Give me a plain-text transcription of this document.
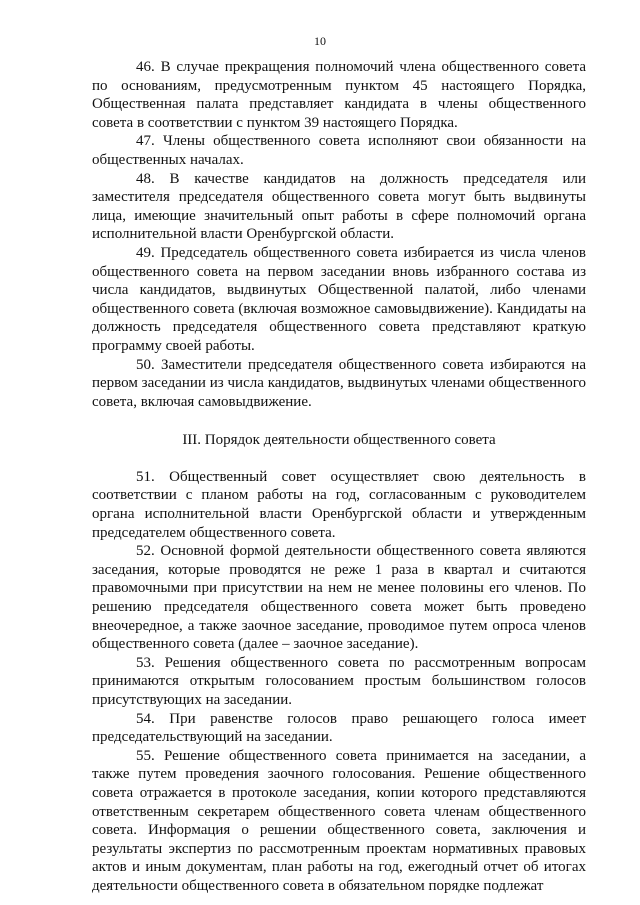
10

46. В случае прекращения полномочий члена общественного совета по основаниям, предусмотренным пунктом 45 настоящего Порядка, Общественная палата представляет кандидата в члены общественного совета в соответствии с пунктом 39 настоящего Порядка.

47. Члены общественного совета исполняют свои обязанности на общественных началах.

48. В качестве кандидатов на должность председателя или заместителя председателя общественного совета могут быть выдвинуты лица, имеющие значительный опыт работы в сфере полномочий органа исполнительной власти Оренбургской области.

49. Председатель общественного совета избирается из числа членов общественного совета на первом заседании вновь избранного состава из числа кандидатов, выдвинутых Общественной палатой, либо членами общественного совета (включая возможное самовыдвижение). Кандидаты на должность председателя общественного совета представляют краткую программу своей работы.

50. Заместители председателя общественного совета избираются на первом заседании из числа кандидатов, выдвинутых членами общественного совета, включая самовыдвижение.

III. Порядок деятельности общественного совета

51. Общественный совет осуществляет свою деятельность в соответствии с планом работы на год, согласованным с руководителем органа исполнительной власти Оренбургской области и утвержденным председателем общественного совета.

52. Основной формой деятельности общественного совета являются заседания, которые проводятся не реже 1 раза в квартал и считаются правомочными при присутствии на нем не менее половины его членов. По решению председателя общественного совета может быть проведено внеочередное, а также заочное заседание, проводимое путем опроса членов общественного совета (далее – заочное заседание).

53. Решения общественного совета по рассмотренным вопросам принимаются открытым голосованием простым большинством голосов присутствующих на заседании.

54. При равенстве голосов право решающего голоса имеет председательствующий на заседании.

55. Решение общественного совета принимается на заседании, а также путем проведения заочного голосования. Решение общественного совета отражается в протоколе заседания, копии которого представляются ответственным секретарем общественного совета членам общественного совета. Информация о решении общественного совета, заключения и результаты экспертиз по рассмотренным проектам нормативных правовых актов и иным документам, план работы на год, ежегодный отчет об итогах деятельности общественного совета в обязательном порядке подлежат
